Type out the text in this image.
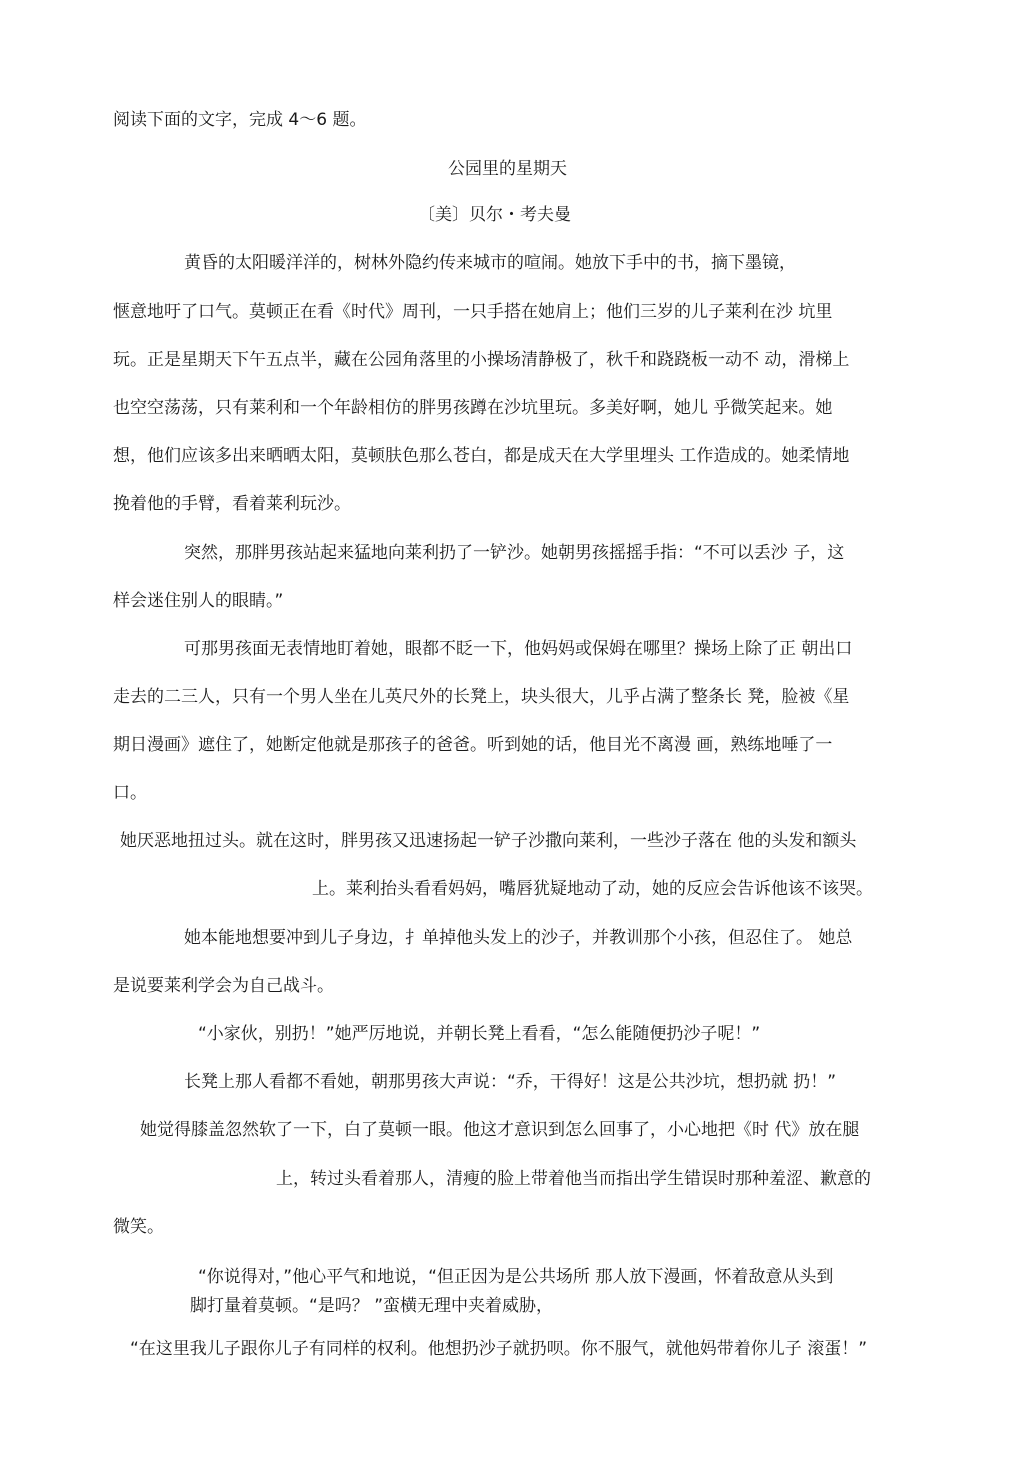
阅读下面的文字，完成 4～6 题。
公园里的星期天
〔美〕贝尔・考夫曼
黄昏的太阳暖洋洋的，树林外隐约传来城市的喧闹。她放下手中的书，摘下墨镜，
惬意地吁了口气。莫顿正在看《时代》周刊，一只手搭在她肩上；他们三岁的儿子莱利在沙 坑里
玩。正是星期天下午五点半，藏在公园角落里的小操场清静极了，秋千和跷跷板一动不 动，滑梯上
也空空荡荡，只有莱利和一个年龄相仿的胖男孩蹲在沙坑里玩。多美好啊，她儿 乎微笑起来。她
想，他们应该多出来晒晒太阳，莫顿肤色那么苍白，都是成天在大学里埋头 工作造成的。她柔情地
挽着他的手臂，看着莱利玩沙。
突然，那胖男孩站起来猛地向莱利扔了一铲沙。她朝男孩摇摇手指：“不可以丢沙 子，这
样会迷住别人的眼睛。”
可那男孩面无表情地盯着她，眼都不眨一下，他妈妈或保姆在哪里？操场上除了正 朝出口
走去的二三人，只有一个男人坐在儿英尺外的长凳上，块头很大，儿乎占满了整条长 凳，脸被《星
期日漫画》遮住了，她断定他就是那孩子的爸爸。听到她的话，他目光不离漫 画，熟练地唾了一
口。
她厌恶地扭过头。就在这时，胖男孩又迅速扬起一铲子沙撒向莱利，一些沙子落在 他的头发和额头
上。莱利抬头看看妈妈，嘴唇犹疑地动了动，她的反应会告诉他该不该哭。
她本能地想要冲到儿子身边，扌单掉他头发上的沙子，并教训那个小孩，但忍住了。 她总
是说要莱利学会为自己战斗。
“小家伙，别扔！”她严厉地说，并朝长凳上看看，“怎么能随便扔沙子呢！”
长凳上那人看都不看她，朝那男孩大声说：“乔，干得好！这是公共沙坑，想扔就 扔！”
她觉得膝盖忽然软了一下，白了莫顿一眼。他这才意识到怎么回事了，小心地把《时 代》放在腿
上，转过头看着那人，清瘦的脸上带着他当而指出学生错误时那种羞涩、歉意的
微笑。
“你说得对，”他心平气和地说，“但正因为是公共场所 那人放下漫画，怀着敌意从头到
脚打量着莫顿。“是吗？ ”蛮横无理中夹着威胁，
“在这里我儿子跟你儿子有同样的权利。他想扔沙子就扔呗。你不服气，就他妈带着你儿子 滚蛋！”
